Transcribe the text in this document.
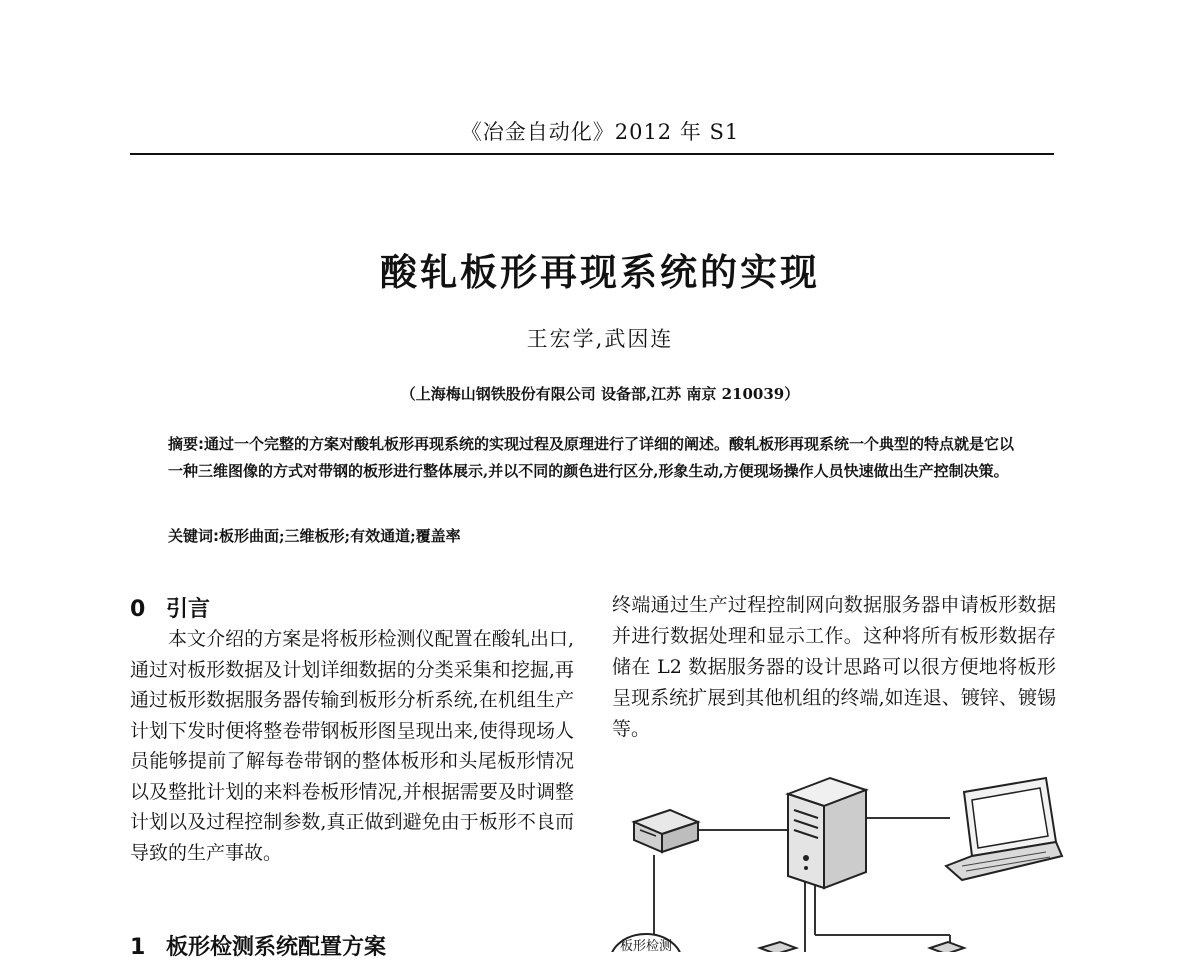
《冶金自动化》2012 年 S1
酸轧板形再现系统的实现
王宏学,武因连
（上海梅山钢铁股份有限公司 设备部,江苏 南京 210039）

摘要:通过一个完整的方案对酸轧板形再现系统的实现过程及原理进行了详细的阐述。酸轧板形再现系统一个典型的特点就是它以一种三维图像的方式对带钢的板形进行整体展示,并以不同的颜色进行区分,形象生动,方便现场操作人员快速做出生产控制决策。

关键词:板形曲面;三维板形;有效通道;覆盖率

0 引言

本文介绍的方案是将板形检测仪配置在酸轧出口,通过对板形数据及计划详细数据的分类采集和挖掘,再通过板形数据服务器传输到板形分析系统,在机组生产计划下发时便将整卷带钢板形图呈现出来,使得现场人员能够提前了解每卷带钢的整体板形和头尾板形情况以及整批计划的来料卷板形情况,并根据需要及时调整计划以及过程控制参数,真正做到避免由于板形不良而导致的生产事故。

1 板形检测系统配置方案

终端通过生产过程控制网向数据服务器申请板形数据并进行数据处理和显示工作。这种将所有板形数据存储在 L2 数据服务器的设计思路可以很方便地将板形呈现系统扩展到其他机组的终端,如连退、镀锌、镀锡等。

板形检测
